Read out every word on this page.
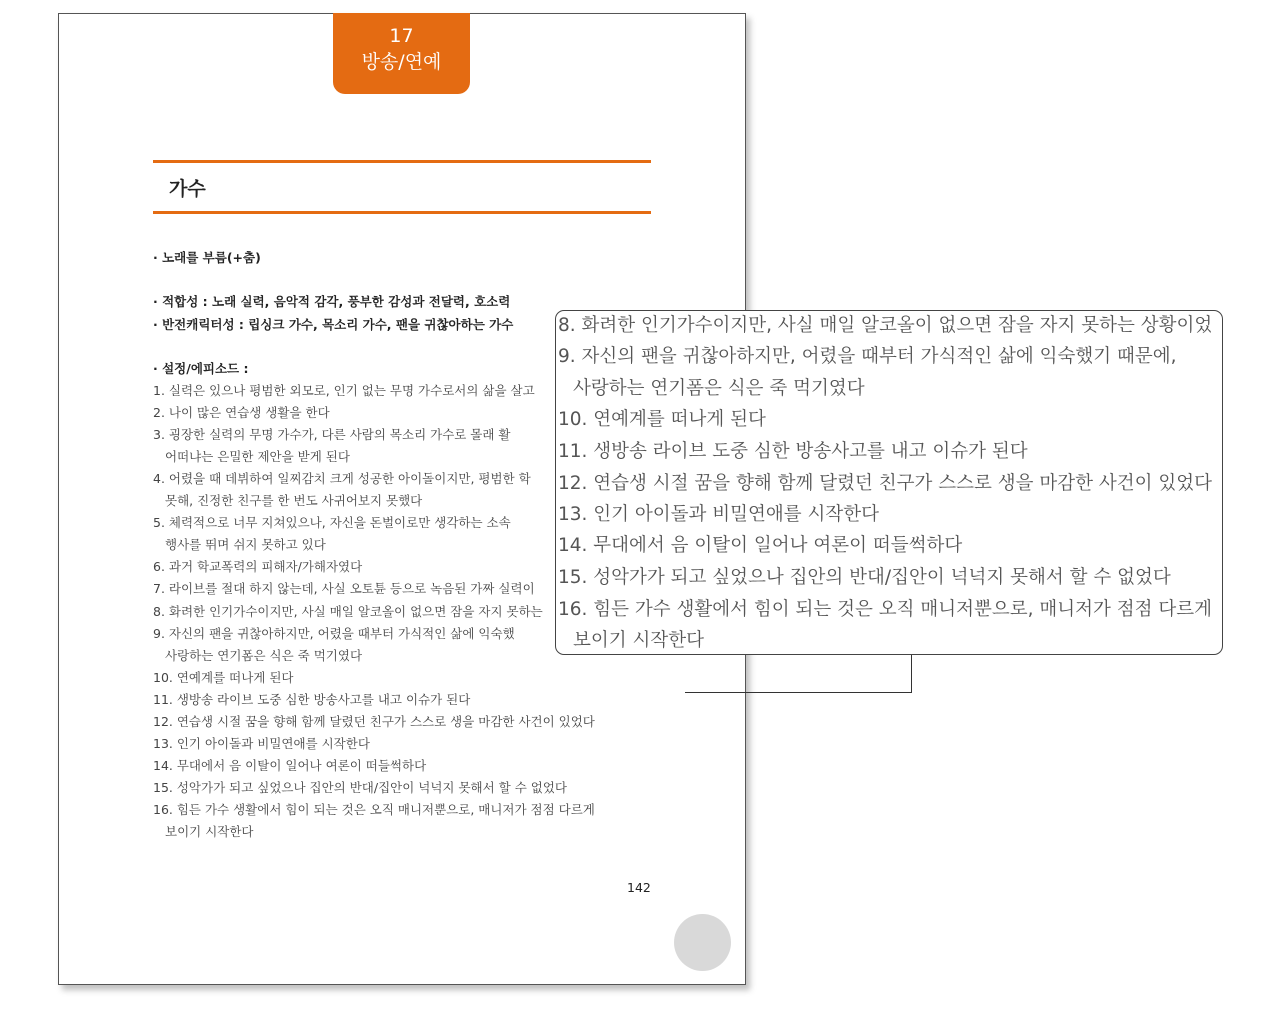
17
방송/연예
가수
· 노래를 부름(+춤)
· 적합성 : 노래 실력, 음악적 감각, 풍부한 감성과 전달력, 호소력
· 반전캐릭터성 : 립싱크 가수, 목소리 가수, 팬을 귀찮아하는 가수
· 설정/에피소드 :
1. 실력은 있으나 평범한 외모로, 인기 없는 무명 가수로서의 삶을 살고
2. 나이 많은 연습생 생활을 한다
3. 굉장한 실력의 무명 가수가, 다른 사람의 목소리 가수로 몰래 활
어떠냐는 은밀한 제안을 받게 된다
4. 어렸을 때 데뷔하여 일찌감치 크게 성공한 아이돌이지만, 평범한 학
못해, 진정한 친구를 한 번도 사귀어보지 못했다
5. 체력적으로 너무 지쳐있으나, 자신을 돈벌이로만 생각하는 소속
행사를 뛰며 쉬지 못하고 있다
6. 과거 학교폭력의 피해자/가해자였다
7. 라이브를 절대 하지 않는데, 사실 오토튠 등으로 녹음된 가짜 실력이
8. 화려한 인기가수이지만, 사실 매일 알코올이 없으면 잠을 자지 못하는
9. 자신의 팬을 귀찮아하지만, 어렸을 때부터 가식적인 삶에 익숙했
사랑하는 연기폼은 식은 죽 먹기였다
10. 연예계를 떠나게 된다
11. 생방송 라이브 도중 심한 방송사고를 내고 이슈가 된다
12. 연습생 시절 꿈을 향해 함께 달렸던 친구가 스스로 생을 마감한 사건이 있었다
13. 인기 아이돌과 비밀연애를 시작한다
14. 무대에서 음 이탈이 일어나 여론이 떠들썩하다
15. 성악가가 되고 싶었으나 집안의 반대/집안이 넉넉지 못해서 할 수 없었다
16. 힘든 가수 생활에서 힘이 되는 것은 오직 매니저뿐으로, 매니저가 점점 다르게
보이기 시작한다
142
8. 화려한 인기가수이지만, 사실 매일 알코올이 없으면 잠을 자지 못하는 상황이었
9. 자신의 팬을 귀찮아하지만, 어렸을 때부터 가식적인 삶에 익숙했기 때문에,
사랑하는 연기폼은 식은 죽 먹기였다
10. 연예계를 떠나게 된다
11. 생방송 라이브 도중 심한 방송사고를 내고 이슈가 된다
12. 연습생 시절 꿈을 향해 함께 달렸던 친구가 스스로 생을 마감한 사건이 있었다
13. 인기 아이돌과 비밀연애를 시작한다
14. 무대에서 음 이탈이 일어나 여론이 떠들썩하다
15. 성악가가 되고 싶었으나 집안의 반대/집안이 넉넉지 못해서 할 수 없었다
16. 힘든 가수 생활에서 힘이 되는 것은 오직 매니저뿐으로, 매니저가 점점 다르게
보이기 시작한다
